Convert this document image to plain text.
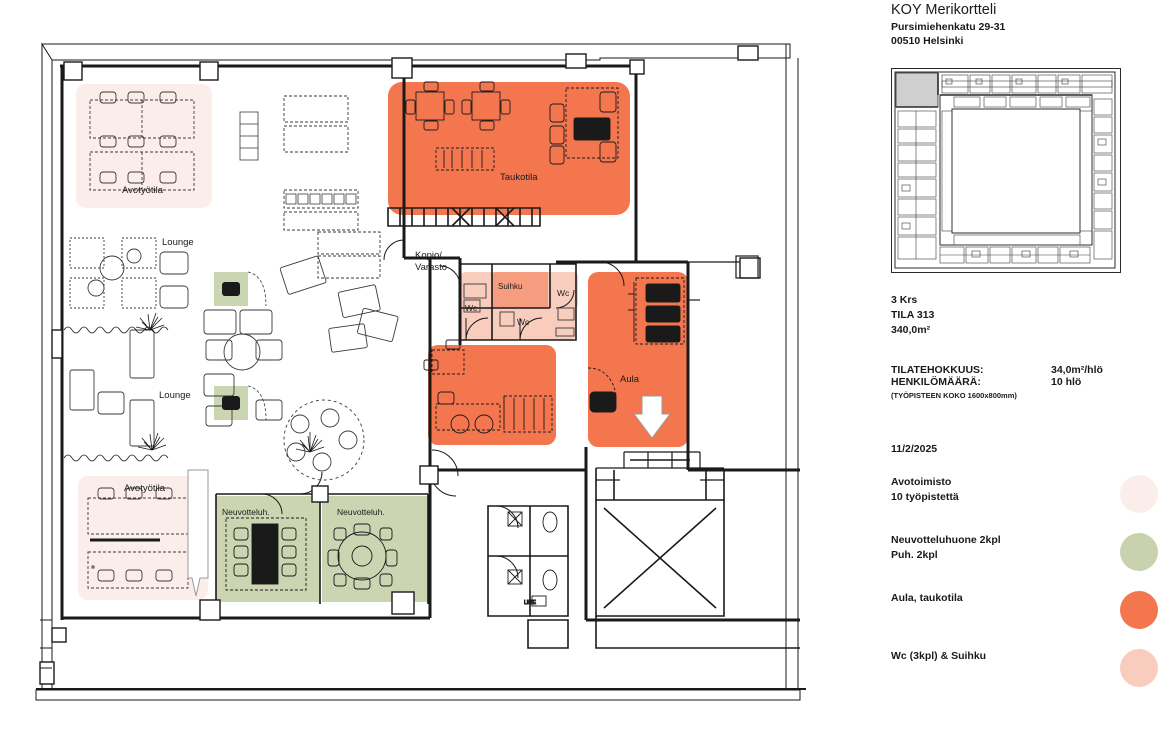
LIITE
Avotyötila
Lounge
Lounge
Avotyötila
Taukotila
Kopio/
Varasto
Suihku
Wc
Wc
Wc
Aula
Neuvotteluh.	Neuvotteluh.
KOY Merikortteli
Pursimiehenkatu 29-31
00510 Helsinki
3 Krs
TILA 313
340,0m²
TILATEHOKKUUS:	34,0m²/hlö
HENKILÖMÄÄRÄ:	10 hlö
(TYÖPISTEEN KOKO 1600x800mm)
11/2/2025
Avotoimisto
10 työpistettä
Neuvotteluhuone 2kpl
Puh. 2kpl
Aula, taukotila
Wc (3kpl) & Suihku
